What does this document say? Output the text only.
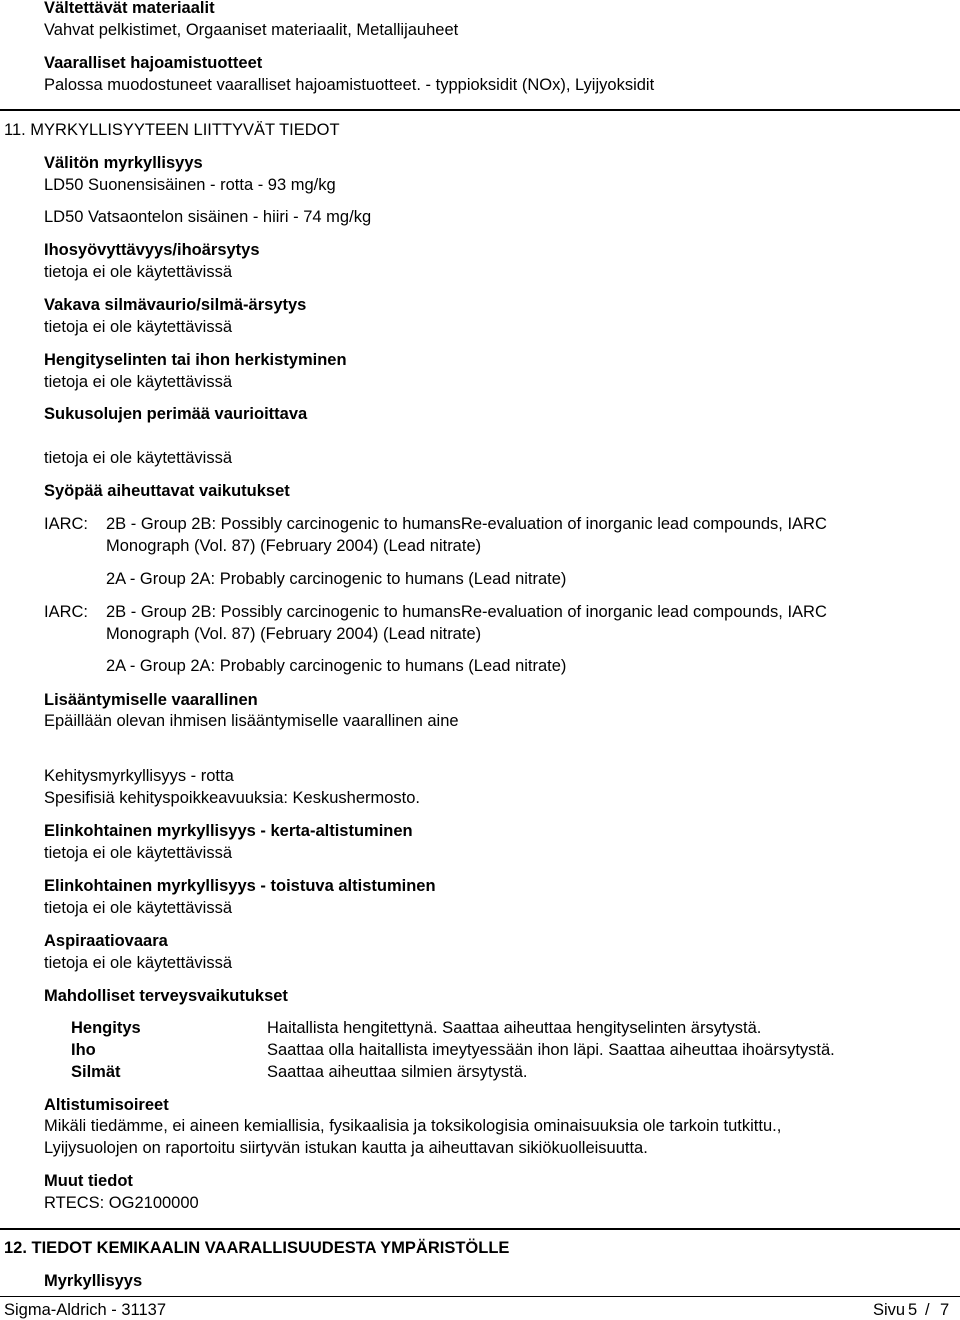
Vältettävät materiaalit
Vahvat pelkistimet, Orgaaniset materiaalit, Metallijauheet
Vaaralliset hajoamistuotteet
Palossa muodostuneet vaaralliset hajoamistuotteet. - typpioksidit (NOx), Lyijyoksidit
11. MYRKYLLISYYTEEN LIITTYVÄT TIEDOT
Välitön myrkyllisyys
LD50 Suonensisäinen - rotta - 93 mg/kg
LD50 Vatsaontelon sisäinen - hiiri - 74 mg/kg
Ihosyövyttävyys/ihoärsytys
tietoja ei ole käytettävissä
Vakava silmävaurio/silmä-ärsytys
tietoja ei ole käytettävissä
Hengityselinten tai ihon herkistyminen
tietoja ei ole käytettävissä
Sukusolujen perimää vaurioittava
tietoja ei ole käytettävissä
Syöpää aiheuttavat vaikutukset
IARC: 2B - Group 2B: Possibly carcinogenic to humansRe-evaluation of inorganic lead compounds, IARC
Monograph (Vol. 87) (February 2004) (Lead nitrate)
2A - Group 2A: Probably carcinogenic to humans (Lead nitrate)
IARC: 2B - Group 2B: Possibly carcinogenic to humansRe-evaluation of inorganic lead compounds, IARC
Monograph (Vol. 87) (February 2004) (Lead nitrate)
2A - Group 2A: Probably carcinogenic to humans (Lead nitrate)
Lisääntymiselle vaarallinen
Epäillään olevan ihmisen lisääntymiselle vaarallinen aine
Kehitysmyrkyllisyys - rotta
Spesifisiä kehityspoikkeavuuksia: Keskushermosto.
Elinkohtainen myrkyllisyys - kerta-altistuminen
tietoja ei ole käytettävissä
Elinkohtainen myrkyllisyys - toistuva altistuminen
tietoja ei ole käytettävissä
Aspiraatiovaara
tietoja ei ole käytettävissä
Mahdolliset terveysvaikutukset
Hengitys	Haitallista hengitettynä. Saattaa aiheuttaa hengityselinten ärsytystä.
Iho	Saattaa olla haitallista imeytyessään ihon läpi. Saattaa aiheuttaa ihoärsytystä.
Silmät	Saattaa aiheuttaa silmien ärsytystä.
Altistumisoireet
Mikäli tiedämme, ei aineen kemiallisia, fysikaalisia ja toksikologisia ominaisuuksia ole tarkoin tutkittu.,
Lyijysuolojen on raportoitu siirtyvän istukan kautta ja aiheuttavan sikiökuolleisuutta.
Muut tiedot
RTECS: OG2100000
12. TIEDOT KEMIKAALIN VAARALLISUUDESTA YMPÄRISTÖLLE
Myrkyllisyys
Sigma-Aldrich - 31137	Sivu 5 / 7
